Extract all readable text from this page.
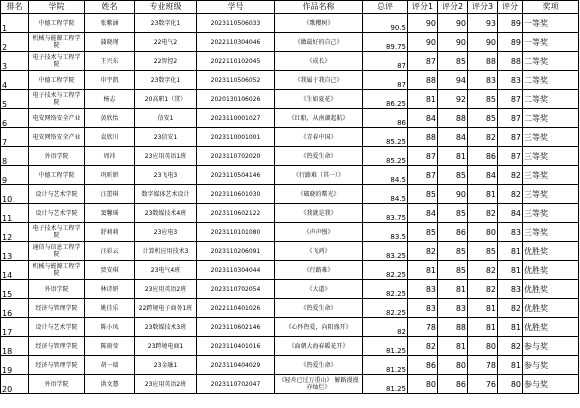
排名	学院	姓名	专业班级	学号	作品名称	总评	评分1	评分2	评分3	评分	奖项
1	中德工程学院	张紫涵	23数字化1	2023110506033	《歌樱树》	90.5	90	90	93	89	一等奖
2	机械与能源工程学院	蒲晓瑾	22电气2	2022110304046	《做最好的自己》	89.75	90	90	90	89	一等奖
3	电子技术与工程学院	王兴东	22智控2	2022110102045	《成长》	87	87	85	88	88	二等奖
4	中德工程学院	申宇凯	23数字化1	2023110506052	《我属于我自己》	87	88	94	83	83	二等奖
5	电子技术与工程学院	杨志	20高职1（贯）	2020130106026	《生如夏花》	86.25	81	92	85	87	二等奖
6	电安网络安全产业	黄欣怡	信安1	2023110001027	《红船，从南湖起航》	86	84	88	85	87	二等奖
7	电安网络安全产业	袁欣川	23信安1	2023110001001	《青春中国》	85.25	88	84	82	87	三等奖
8	外语学院	周祎	23应用英语1班	2023110702020	《热爱生命》	85.25	87	81	86	87	三等奖
9	中德工程学院	巩昕妍	23飞电3	2023110504146	《行路难（其一）》	84.5	87	85	84	82	三等奖
10	设计与艺术学院	汪蕾琪	数字媒体艺术设计	2023110601030	《破晓的曙光》	84.5	85	90	81	82	三等奖
11	设计与艺术学院	窦馨瑶	23数媒技术4班	2023110602122	《我就是我》	83.75	84	85	82	84	三等奖
12	电子技术与工程学院	舒莉莉	23应电3	2023110101080	《声声慢》	83.5	85	86	80	83	三等奖
13	通信与信息工程学院	汪彩云	计算机应用技术3	2023110206091	《飞鸿》	83.25	82	85	85	81	优胜奖
14	机械与能源工程学院	贾安琪	23电气4班	2023110304044	《行路难》	82.25	81	85	82	81	优胜奖
15	外语学院	林诗妍	23应用英语2班	2023110702054	《大道》	82.25	83	81	82	83	优胜奖
16	经济与管理学院	姚佳乐	22跨境电子商务1班	2022110401026	《热爱生命》	82.25	83	83	81	82	优胜奖
17	设计与艺术学院	陈小凤	23数媒技术3班	2023110602146	《心怀热爱，向阳盛开》	82	78	88	81	81	优胜奖
18	经济与管理学院	陈雨莹	23跨境电商1	2023110401016	《面朝大海春暖花开》	81.25	82	81	80	82	参与奖
19	经济与管理学院	胡一瑞	23金融1	2023110404029	《热爱生命》	81.25	86	80	78	81	参与奖
20	外语学院	洪文慧	23应用英语2班	2023110702047	《轻舟已过万重山》 解路漫漫亦灿烂》	81.25	80	86	76	80	参与奖
